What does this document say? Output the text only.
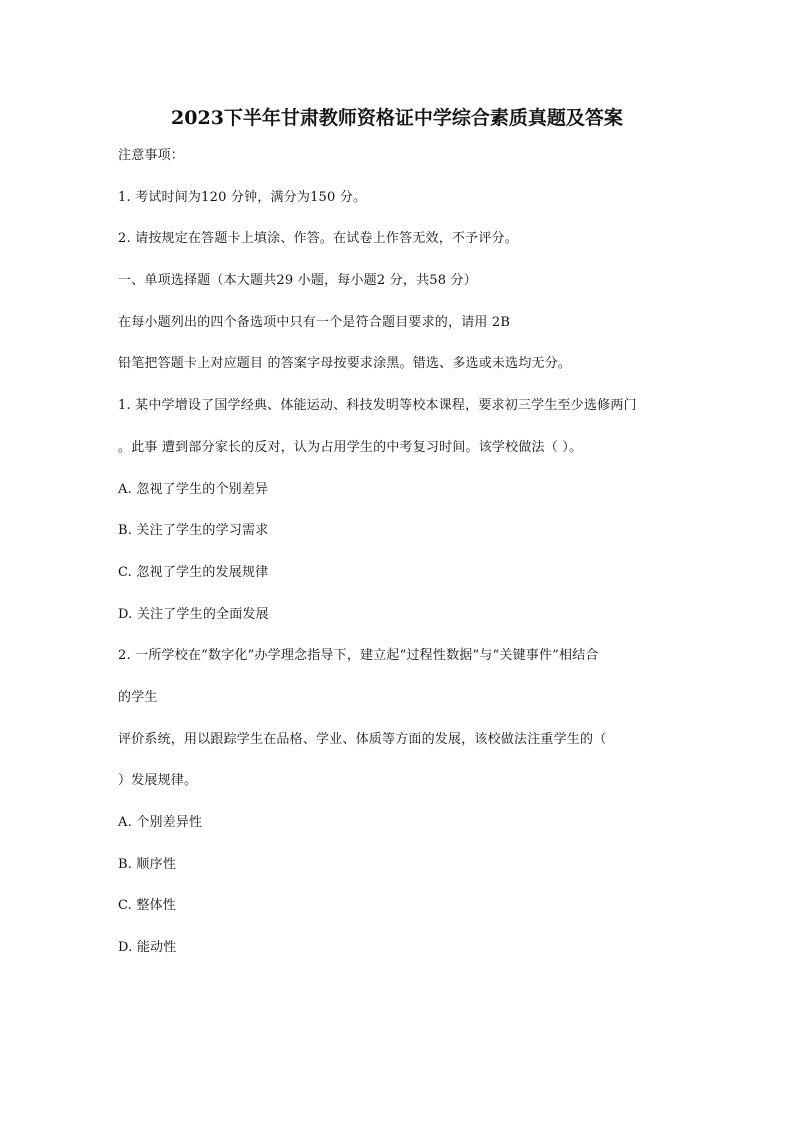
2023下半年甘肃教师资格证中学综合素质真题及答案
注意事项：
1. 考试时间为120 分钟，满分为150 分。
2. 请按规定在答题卡上填涂、作答。在试卷上作答无效，不予评分。
一、单项选择题（本大题共29 小题，每小题2 分，共58 分）
在每小题列出的四个备选项中只有一个是符合题目要求的，请用 2B
铅笔把答题卡上对应题目 的答案字母按要求涂黑。错选、多选或未选均无分。
1. 某中学增设了国学经典、体能运动、科技发明等校本课程，要求初三学生至少选修两门
。此事 遭到部分家长的反对，认为占用学生的中考复习时间。该学校做法（ ）。
A. 忽视了学生的个别差异
B. 关注了学生的学习需求
C. 忽视了学生的发展规律
D. 关注了学生的全面发展
2. 一所学校在“数字化”办学理念指导下，建立起“过程性数据”与“关键事件”相结合
的学生
评价系统，用以跟踪学生在品格、学业、体质等方面的发展，该校做法注重学生的（
）发展规律。
A. 个别差异性
B. 顺序性
C. 整体性
D. 能动性
